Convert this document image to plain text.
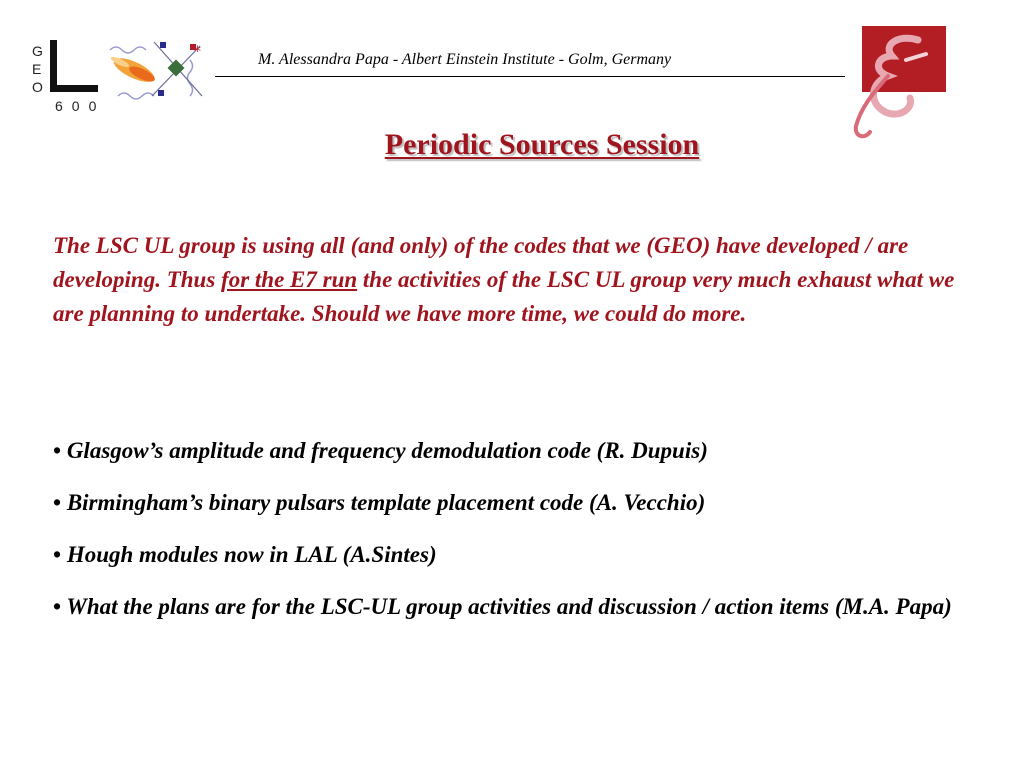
G
E
O
*
600
M. Alessandra Papa - Albert Einstein Institute - Golm, Germany
Periodic Sources Session
The LSC UL group is using all (and only) of the codes that we (GEO) have developed / are developing. Thus for the E7 run the activities of the LSC UL group very much exhaust what we are planning to undertake. Should we have more time, we could do more.
• Glasgow’s amplitude and frequency demodulation code (R. Dupuis)
• Birmingham’s binary pulsars template placement code (A. Vecchio)
• Hough modules now in LAL (A.Sintes)
• What the plans are for the LSC-UL group activities and discussion / action items (M.A. Papa)
